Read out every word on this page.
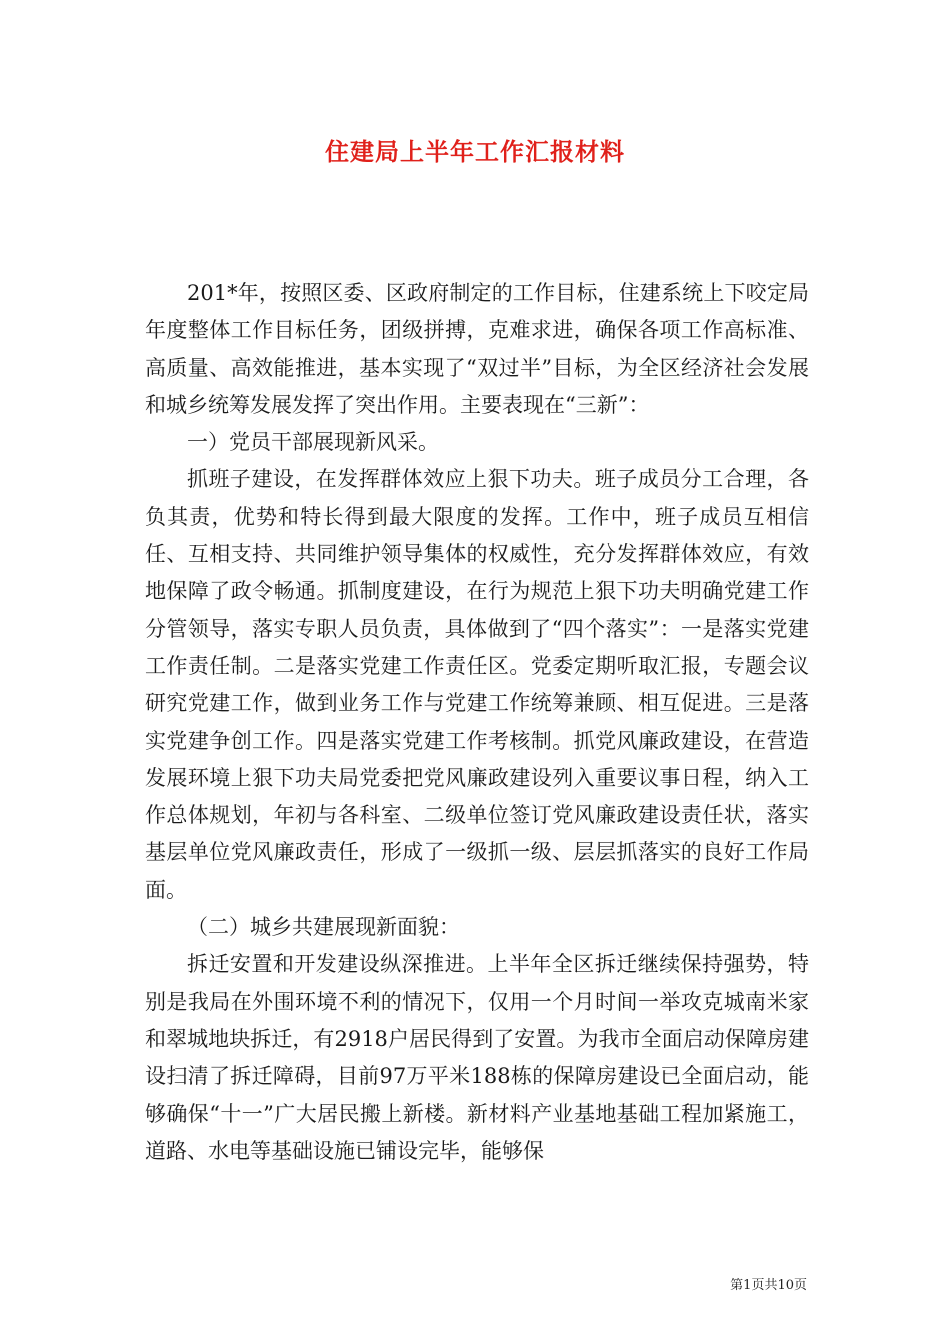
住建局上半年工作汇报材料

201*年，按照区委、区政府制定的工作目标，住建系统上下咬定局年度整体工作目标任务，团级拼搏，克难求进，确保各项工作高标准、高质量、高效能推进，基本实现了“双过半”目标，为全区经济社会发展和城乡统筹发展发挥了突出作用。主要表现在“三新”：

一）党员干部展现新风采。

抓班子建设，在发挥群体效应上狠下功夫。班子成员分工合理，各负其责，优势和特长得到最大限度的发挥。工作中，班子成员互相信任、互相支持、共同维护领导集体的权威性，充分发挥群体效应，有效地保障了政令畅通。抓制度建设，在行为规范上狠下功夫明确党建工作分管领导，落实专职人员负责，具体做到了“四个落实”：一是落实党建工作责任制。二是落实党建工作责任区。党委定期听取汇报，专题会议研究党建工作，做到业务工作与党建工作统筹兼顾、相互促进。三是落实党建争创工作。四是落实党建工作考核制。抓党风廉政建设，在营造发展环境上狠下功夫局党委把党风廉政建设列入重要议事日程，纳入工作总体规划，年初与各科室、二级单位签订党风廉政建设责任状，落实基层单位党风廉政责任，形成了一级抓一级、层层抓落实的良好工作局面。

（二）城乡共建展现新面貌：

拆迁安置和开发建设纵深推进。上半年全区拆迁继续保持强势，特别是我局在外围环境不利的情况下，仅用一个月时间一举攻克城南米家和翠城地块拆迁，有2918户居民得到了安置。为我市全面启动保障房建设扫清了拆迁障碍，目前97万平米188栋的保障房建设已全面启动，能够确保“十一”广大居民搬上新楼。新材料产业基地基础工程加紧施工，道路、水电等基础设施已铺设完毕，能够保

第1页共10页
